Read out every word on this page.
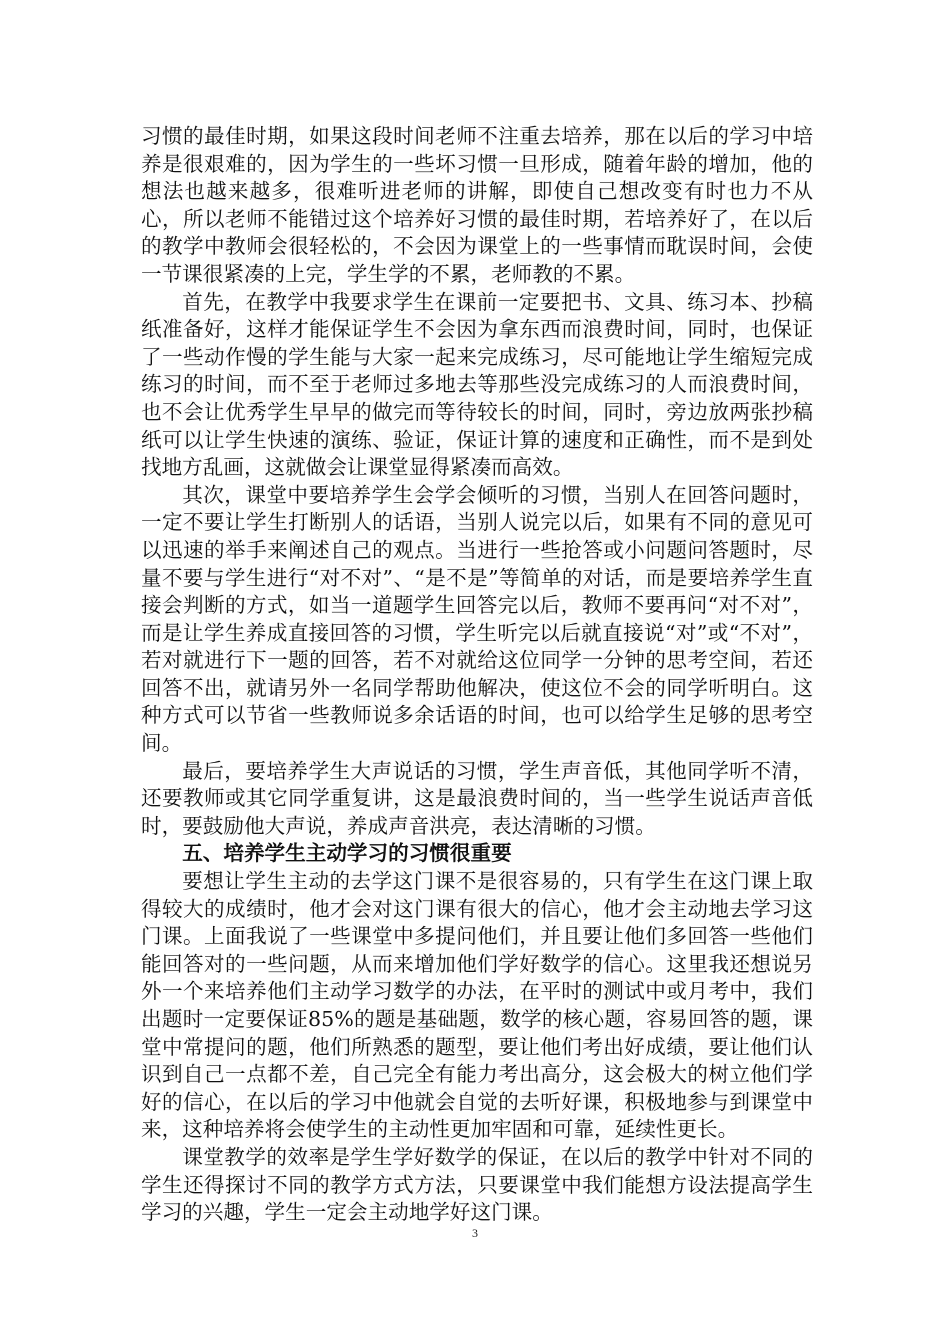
习惯的最佳时期，如果这段时间老师不注重去培养，那在以后的学习中培养是很艰难的，因为学生的一些坏习惯一旦形成，随着年龄的增加，他的想法也越来越多，很难听进老师的讲解，即使自己想改变有时也力不从心，所以老师不能错过这个培养好习惯的最佳时期，若培养好了，在以后的教学中教师会很轻松的，不会因为课堂上的一些事情而耽误时间，会使一节课很紧凑的上完，学生学的不累，老师教的不累。

首先，在教学中我要求学生在课前一定要把书、文具、练习本、抄稿纸准备好，这样才能保证学生不会因为拿东西而浪费时间，同时，也保证了一些动作慢的学生能与大家一起来完成练习，尽可能地让学生缩短完成练习的时间，而不至于老师过多地去等那些没完成练习的人而浪费时间，也不会让优秀学生早早的做完而等待较长的时间，同时，旁边放两张抄稿纸可以让学生快速的演练、验证，保证计算的速度和正确性，而不是到处找地方乱画，这就做会让课堂显得紧凑而高效。

其次，课堂中要培养学生会学会倾听的习惯，当别人在回答问题时，一定不要让学生打断别人的话语，当别人说完以后，如果有不同的意见可以迅速的举手来阐述自己的观点。当进行一些抢答或小问题问答题时，尽量不要与学生进行“对不对”、“是不是”等简单的对话，而是要培养学生直接会判断的方式，如当一道题学生回答完以后，教师不要再问“对不对”，而是让学生养成直接回答的习惯，学生听完以后就直接说“对”或“不对”，若对就进行下一题的回答，若不对就给这位同学一分钟的思考空间，若还回答不出，就请另外一名同学帮助他解决，使这位不会的同学听明白。这种方式可以节省一些教师说多余话语的时间，也可以给学生足够的思考空间。

最后，要培养学生大声说话的习惯，学生声音低，其他同学听不清，还要教师或其它同学重复讲，这是最浪费时间的，当一些学生说话声音低时，要鼓励他大声说，养成声音洪亮，表达清晰的习惯。

五、培养学生主动学习的习惯很重要

要想让学生主动的去学这门课不是很容易的，只有学生在这门课上取得较大的成绩时，他才会对这门课有很大的信心，他才会主动地去学习这门课。上面我说了一些课堂中多提问他们，并且要让他们多回答一些他们能回答对的一些问题，从而来增加他们学好数学的信心。这里我还想说另外一个来培养他们主动学习数学的办法，在平时的测试中或月考中，我们出题时一定要保证85%的题是基础题，数学的核心题，容易回答的题，课堂中常提问的题，他们所熟悉的题型，要让他们考出好成绩，要让他们认识到自己一点都不差，自己完全有能力考出高分，这会极大的树立他们学好的信心，在以后的学习中他就会自觉的去听好课，积极地参与到课堂中来，这种培养将会使学生的主动性更加牢固和可靠，延续性更长。

课堂教学的效率是学生学好数学的保证，在以后的教学中针对不同的学生还得探讨不同的教学方式方法，只要课堂中我们能想方设法提高学生学习的兴趣，学生一定会主动地学好这门课。

3
